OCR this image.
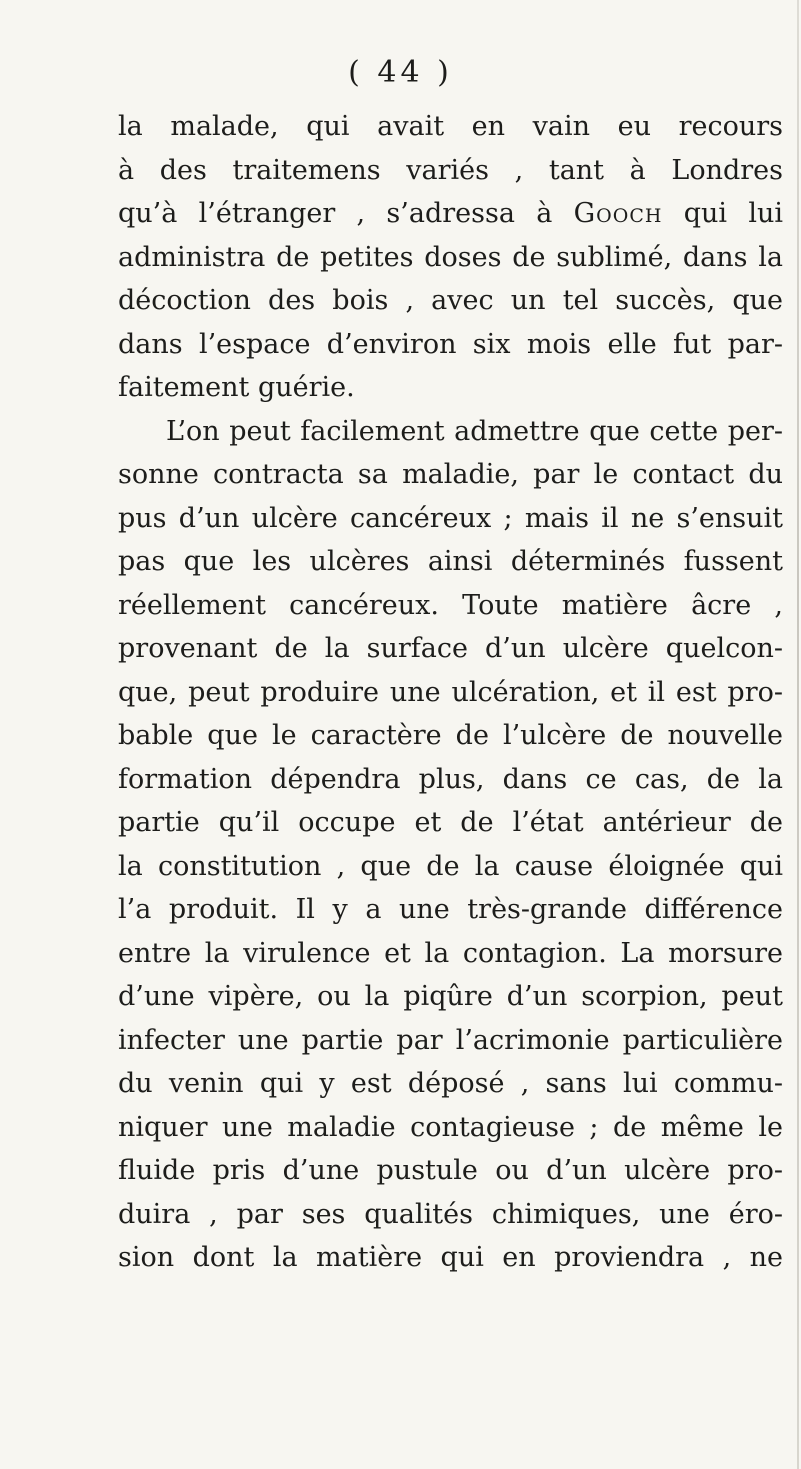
( 44 )
la malade, qui avait en vain eu recours
à des traitemens variés , tant à Londres
qu’à l’étranger , s’adressa à Gooch qui lui
administra de petites doses de sublimé, dans la
décoction des bois , avec un tel succès, que
dans l’espace d’environ six mois elle fut par-
faitement guérie.
L’on peut facilement admettre que cette per-
sonne contracta sa maladie, par le contact du
pus d’un ulcère cancéreux ; mais il ne s’ensuit
pas que les ulcères ainsi déterminés fussent
réellement cancéreux. Toute matière âcre ,
provenant de la surface d’un ulcère quelcon-
que, peut produire une ulcération, et il est pro-
bable que le caractère de l’ulcère de nouvelle
formation dépendra plus, dans ce cas, de la
partie qu’il occupe et de l’état antérieur de
la constitution , que de la cause éloignée qui
l’a produit. Il y a une très-grande différence
entre la virulence et la contagion. La morsure
d’une vipère, ou la piqûre d’un scorpion, peut
infecter une partie par l’acrimonie particulière
du venin qui y est déposé , sans lui commu-
niquer une maladie contagieuse ; de même le
fluide pris d’une pustule ou d’un ulcère pro-
duira , par ses qualités chimiques, une éro-
sion dont la matière qui en proviendra , ne
